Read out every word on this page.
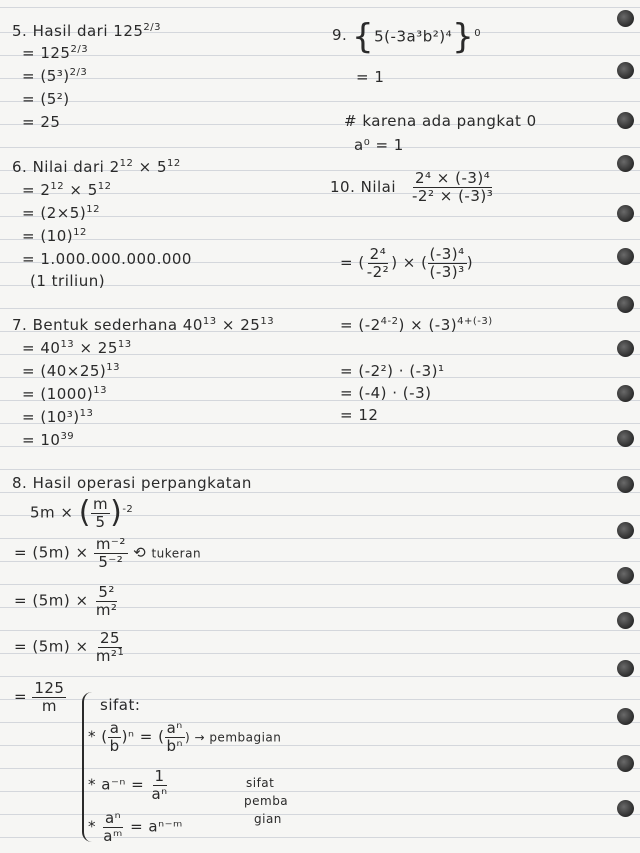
5. Hasil dari $125^{2/3}$
= $125^{2/3}$
= $(5^3)^{2/3}$
= (5²)
= 25
9. $\{5(-3a^3b^2)^4\}^0$
= 1
# karena ada pangkat 0
a⁰ = 1
6. Nilai dari $2^{12} \times 5^{12}$
= $2^{12} \times 5^{12}$
= $(2\times 5)^{12}$
= $(10)^{12}$
= 1.000.000.000.000
(1 triliun)
10. Nilai $\frac{\text{2⁴ × (-3)⁴}}{\text{-2² × (-3)³}}$
= ( $\frac{\text{2⁴}}{\text{-2²}}$ ) × ( $\frac{\text{(-3)⁴}}{\text{(-3)³}}$ )
= $(-2^{4-2}) \times (-3)^{4+(-3)}$
= (-2²) · (-3)¹
= (-4) · (-3)
= 12
7. Bentuk sederhana $40^{13} \times 25^{13}$
= $40^{13} \times 25^{13}$
= $(40\times 25)^{13}$
= $(1000)^{13}$
= $(10^3)^{13}$
= $10^{39}$
8. Hasil operasi perpangkatan
5m × ( $\frac{m}{5} )^{-2}$
= $(5m) \times \frac{\text{m⁻²}}{\text{5⁻²}}$ ⟲ tukeran
= $(5m) \times \frac{\text{5²}}{\text{m²}}$
= $(5m) \times \frac{25}{m^2^1}$
= $\frac{125}{m}$ sifat:
* ( $\frac{a}{b} )^n$ = ( $\frac{\text{aⁿ}}{\text{bⁿ}}$ ) → pembagian
* $a^{-n} = \frac{1}{\text{aⁿ}}$
* $\frac{\text{aⁿ}}{\text{aᵐ}}$ = aⁿ⁻ᵐ
sifat
pemba
gian
